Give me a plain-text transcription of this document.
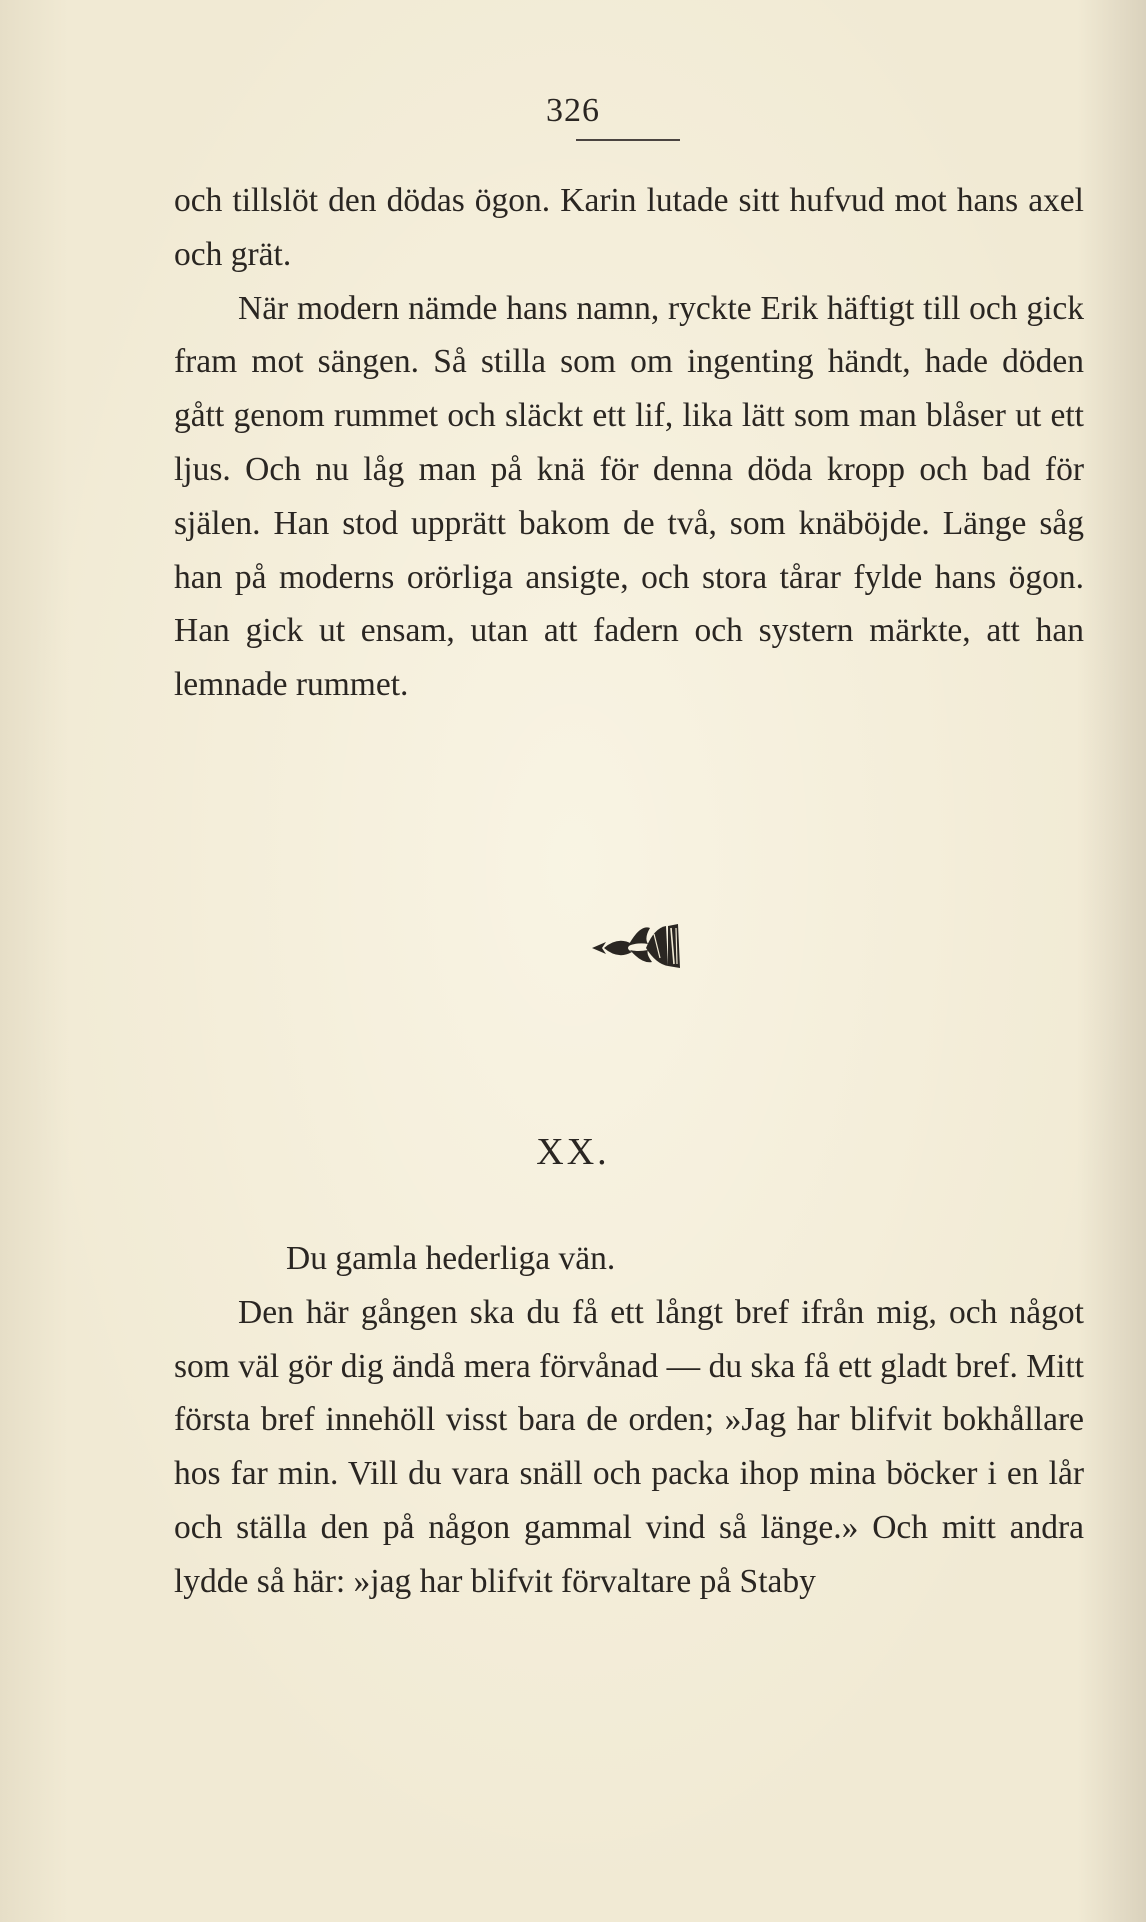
326

och tillslöt den dödas ögon. Karin lutade sitt hufvud mot hans axel och grät.

När modern nämde hans namn, ryckte Erik häftigt till och gick fram mot sängen. Så stilla som om ingenting händt, hade döden gått genom rummet och släckt ett lif, lika lätt som man blåser ut ett ljus. Och nu låg man på knä för denna döda kropp och bad för själen. Han stod upprätt bakom de två, som knäböjde. Länge såg han på moderns orörliga ansigte, och stora tårar fylde hans ögon. Han gick ut ensam, utan att fadern och systern märkte, att han lemnade rummet.

XX.

Du gamla hederliga vän.

Den här gången ska du få ett långt bref ifrån mig, och något som väl gör dig ändå mera förvånad — du ska få ett gladt bref. Mitt första bref innehöll visst bara de orden; »Jag har blifvit bokhållare hos far min. Vill du vara snäll och packa ihop mina böcker i en lår och ställa den på någon gammal vind så länge.» Och mitt andra lydde så här: »jag har blifvit förvaltare på Staby
